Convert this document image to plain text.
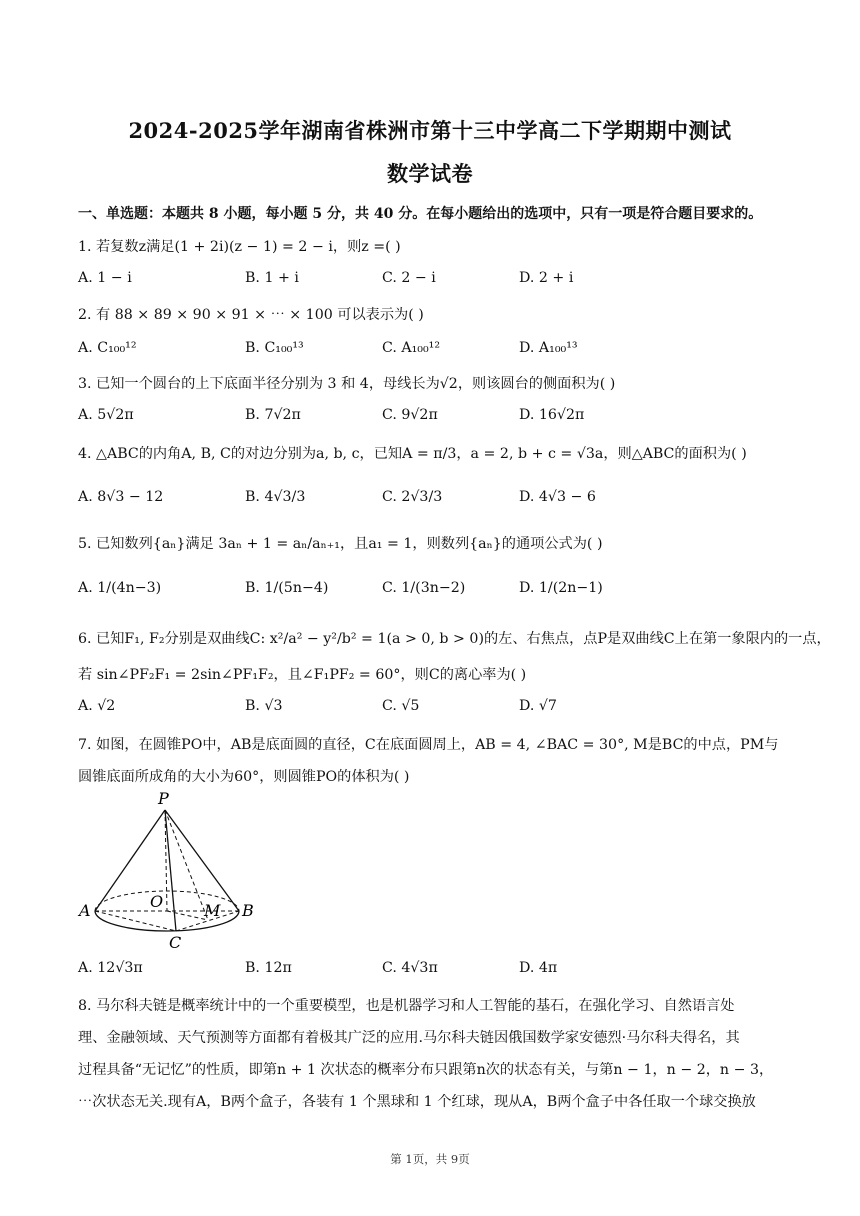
2024-2025学年湖南省株洲市第十三中学高二下学期期中测试
数学试卷
一、单选题：本题共 8 小题，每小题 5 分，共 40 分。在每小题给出的选项中，只有一项是符合题目要求的。
1. 若复数z满足(1 + 2i)(z − 1) = 2 − i，则z =( )
A. 1 − i	B. 1 + i	C. 2 − i	D. 2 + i
2. 有 88 × 89 × 90 × 91 × ⋯ × 100 可以表示为( )
A. C₁₀₀¹²	B. C₁₀₀¹³	C. A₁₀₀¹²	D. A₁₀₀¹³
3. 已知一个圆台的上下底面半径分别为 3 和 4，母线长为√2，则该圆台的侧面积为( )
A. 5√2π	B. 7√2π	C. 9√2π	D. 16√2π
4. △ABC的内角A, B, C的对边分别为a, b, c，已知A = π/3，a = 2, b + c = √3a，则△ABC的面积为( )
A. 8√3 − 12	B. 4√3/3	C. 2√3/3	D. 4√3 − 6
5. 已知数列{aₙ}满足 3aₙ + 1 = aₙ/aₙ₊₁，且a₁ = 1，则数列{aₙ}的通项公式为( )
A. 1/(4n−3)	B. 1/(5n−4)	C. 1/(3n−2)	D. 1/(2n−1)
6. 已知F₁, F₂分别是双曲线C: x²/a² − y²/b² = 1(a > 0, b > 0)的左、右焦点，点P是双曲线C上在第一象限内的一点，
若 sin∠PF₂F₁ = 2sin∠PF₁F₂，且∠F₁PF₂ = 60°，则C的离心率为( )
A. √2	B. √3	C. √5	D. √7
7. 如图，在圆锥PO中，AB是底面圆的直径，C在底面圆周上，AB = 4, ∠BAC = 30°, M是BC的中点，PM与
圆锥底面所成角的大小为60°，则圆锥PO的体积为( )
P
O	M
A	B
C
A. 12√3π	B. 12π	C. 4√3π	D. 4π
8. 马尔科夫链是概率统计中的一个重要模型，也是机器学习和人工智能的基石，在强化学习、自然语言处
理、金融领域、天气预测等方面都有着极其广泛的应用.马尔科夫链因俄国数学家安德烈·马尔科夫得名，其
过程具备“无记忆”的性质，即第n + 1 次状态的概率分布只跟第n次的状态有关，与第n − 1，n − 2，n − 3，
⋯次状态无关.现有A，B两个盒子，各装有 1 个黑球和 1 个红球，现从A，B两个盒子中各任取一个球交换放
第 1页，共 9页
